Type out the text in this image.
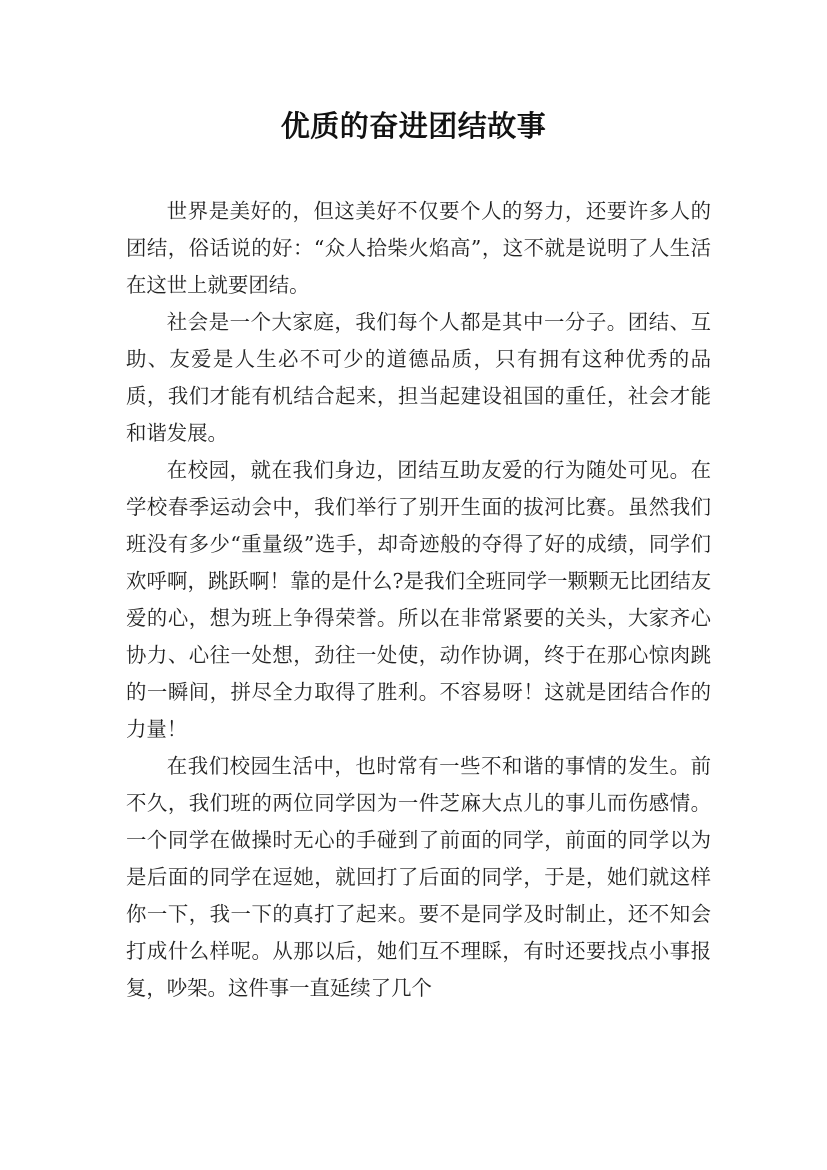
优质的奋进团结故事

世界是美好的，但这美好不仅要个人的努力，还要许多人的团结，俗话说的好：“众人拾柴火焰高”，这不就是说明了人生活在这世上就要团结。

社会是一个大家庭，我们每个人都是其中一分子。团结、互助、友爱是人生必不可少的道德品质，只有拥有这种优秀的品质，我们才能有机结合起来，担当起建设祖国的重任，社会才能和谐发展。

在校园，就在我们身边，团结互助友爱的行为随处可见。在学校春季运动会中，我们举行了别开生面的拔河比赛。虽然我们班没有多少“重量级”选手，却奇迹般的夺得了好的成绩，同学们欢呼啊，跳跃啊！靠的是什么?是我们全班同学一颗颗无比团结友爱的心，想为班上争得荣誉。所以在非常紧要的关头，大家齐心协力、心往一处想，劲往一处使，动作协调，终于在那心惊肉跳的一瞬间，拼尽全力取得了胜利。不容易呀！这就是团结合作的力量！

在我们校园生活中，也时常有一些不和谐的事情的发生。前不久，我们班的两位同学因为一件芝麻大点儿的事儿而伤感情。一个同学在做操时无心的手碰到了前面的同学，前面的同学以为是后面的同学在逗她，就回打了后面的同学，于是，她们就这样你一下，我一下的真打了起来。要不是同学及时制止，还不知会打成什么样呢。从那以后，她们互不理睬，有时还要找点小事报复，吵架。这件事一直延续了几个
